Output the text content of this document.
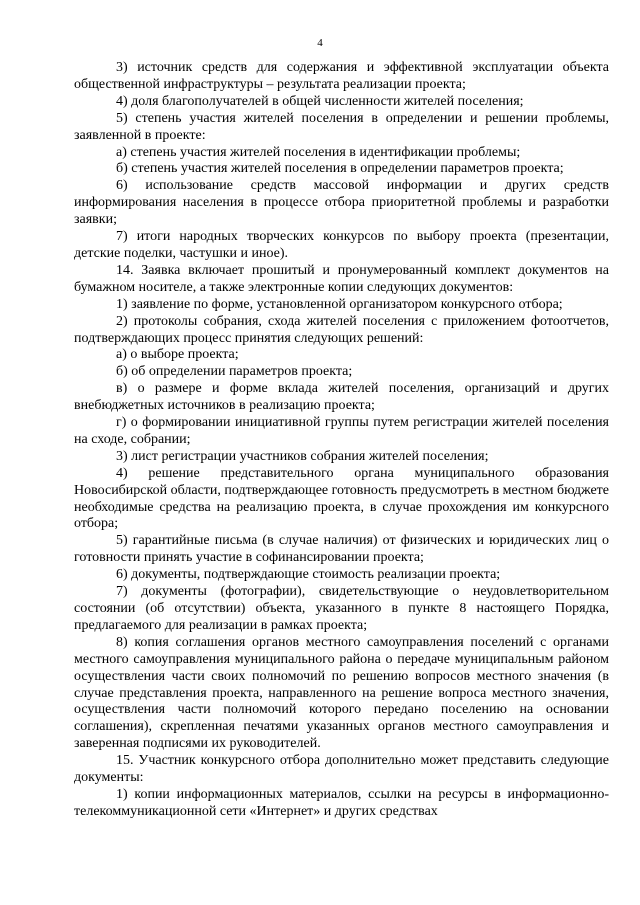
4

3) источник средств для содержания и эффективной эксплуатации объекта общественной инфраструктуры – результата реализации проекта;

4) доля благополучателей в общей численности жителей поселения;

5) степень участия жителей поселения в определении и решении проблемы, заявленной в проекте:

а) степень участия жителей поселения в идентификации проблемы;

б) степень участия жителей поселения в определении параметров проекта;

6) использование средств массовой информации и других средств информирования населения в процессе отбора приоритетной проблемы и разработки заявки;

7) итоги народных творческих конкурсов по выбору проекта (презентации, детские поделки, частушки и иное).

14. Заявка включает прошитый и пронумерованный комплект документов на бумажном носителе, а также электронные копии следующих документов:

1) заявление по форме, установленной организатором конкурсного отбора;

2) протоколы собрания, схода жителей поселения с приложением фотоотчетов, подтверждающих процесс принятия следующих решений:

а) о выборе проекта;

б) об определении параметров проекта;

в) о размере и форме вклада жителей поселения, организаций и других внебюджетных источников в реализацию проекта;

г) о формировании инициативной группы путем регистрации жителей поселения на сходе, собрании;

3) лист регистрации участников собрания жителей поселения;

4) решение представительного органа муниципального образования Новосибирской области, подтверждающее готовность предусмотреть в местном бюджете необходимые средства на реализацию проекта, в случае прохождения им конкурсного отбора;

5) гарантийные письма (в случае наличия) от физических и юридических лиц о готовности принять участие в софинансировании проекта;

6) документы, подтверждающие стоимость реализации проекта;

7) документы (фотографии), свидетельствующие о неудовлетворительном состоянии (об отсутствии) объекта, указанного в пункте 8 настоящего Порядка, предлагаемого для реализации в рамках проекта;

8) копия соглашения органов местного самоуправления поселений с органами местного самоуправления муниципального района о передаче муниципальным районом осуществления части своих полномочий по решению вопросов местного значения (в случае представления проекта, направленного на решение вопроса местного значения, осуществления части полномочий которого передано поселению на основании соглашения), скрепленная печатями указанных органов местного самоуправления и заверенная подписями их руководителей.

15. Участник конкурсного отбора дополнительно может представить следующие документы:

1) копии информационных материалов, ссылки на ресурсы в информационно-телекоммуникационной сети «Интернет» и других средствах
